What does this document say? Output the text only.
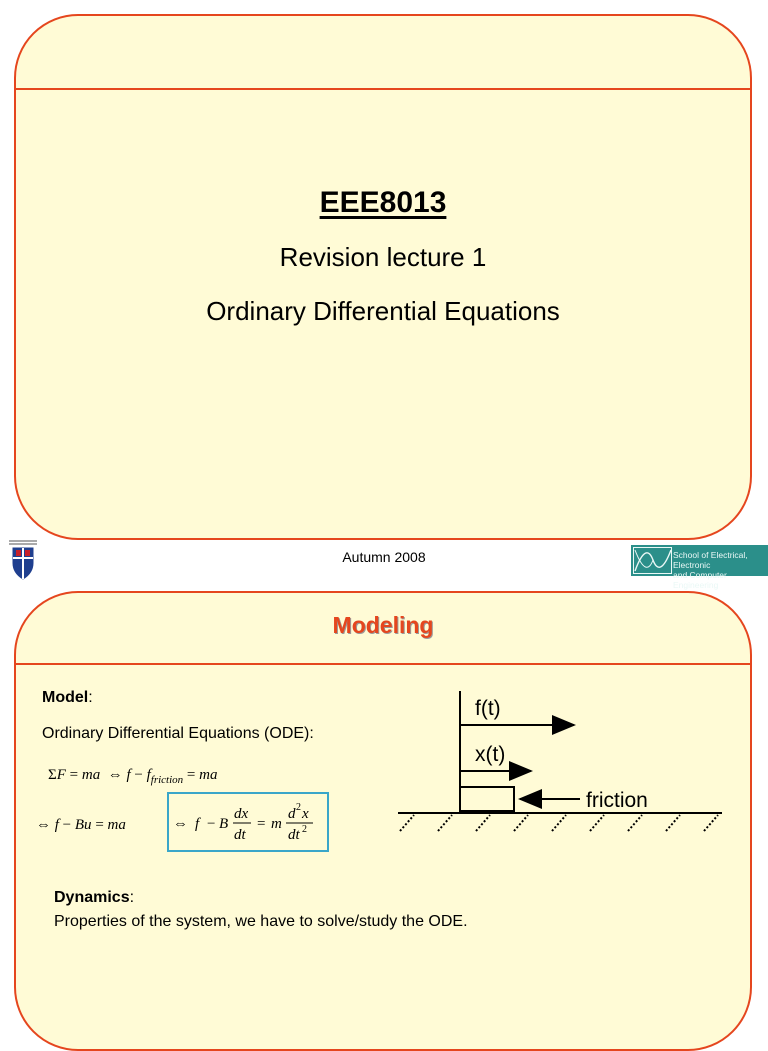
EEE8013
Revision lecture 1
Ordinary Differential Equations
Autumn 2008	School of Electrical, Electronic
and Computer Engineering
Modeling
Model:
Ordinary Differential Equations (ODE):
ΣF = ma  ⇔ $f - f_{friction}$ = ma
⇔ f − Bu = ma	⇔ f − B
dx
dt
= m
d 2 x
dt 2
f(t)
x(t)
friction
Dynamics:
Properties of the system, we have to solve/study the ODE.
